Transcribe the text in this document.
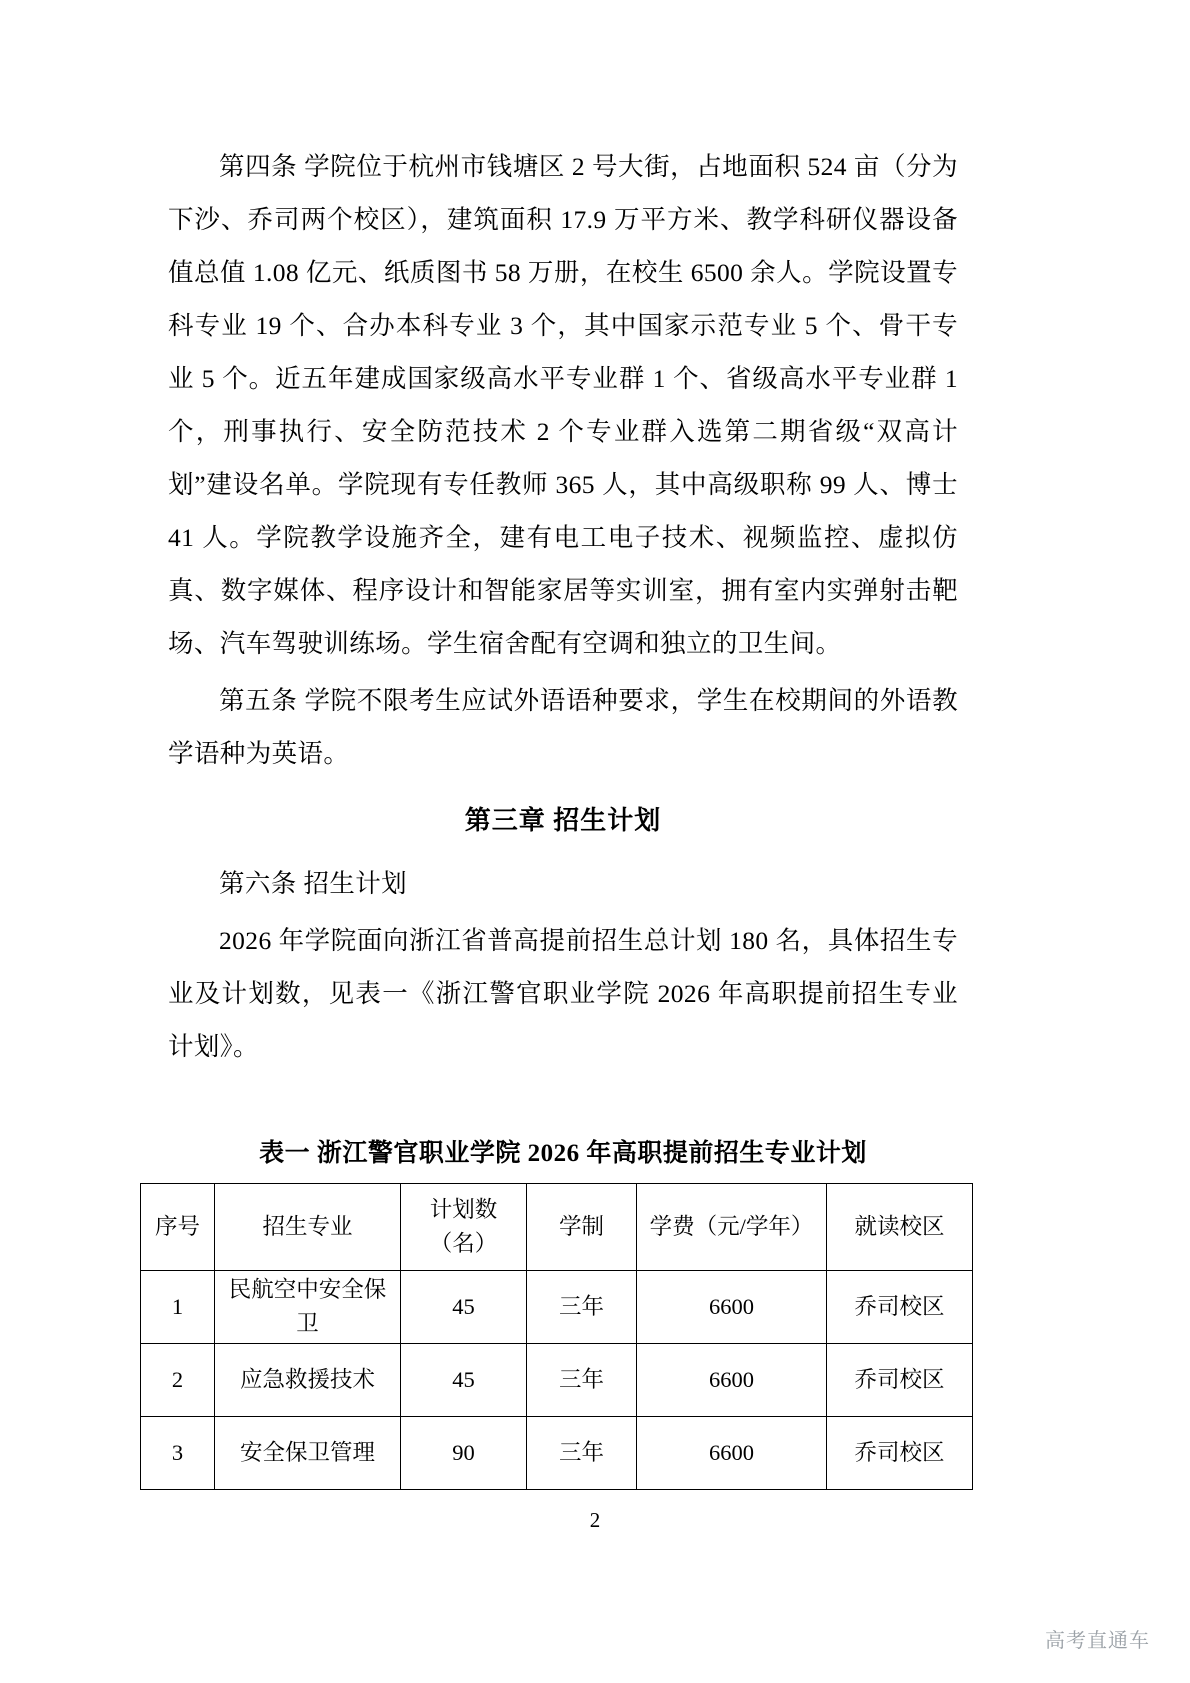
第四条 学院位于杭州市钱塘区 2 号大街，占地面积 524 亩（分为下沙、乔司两个校区），建筑面积 17.9 万平方米、教学科研仪器设备值总值 1.08 亿元、纸质图书 58 万册，在校生 6500 余人。学院设置专科专业 19 个、合办本科专业 3 个，其中国家示范专业 5 个、骨干专业 5 个。近五年建成国家级高水平专业群 1 个、省级高水平专业群 1 个，刑事执行、安全防范技术 2 个专业群入选第二期省级“双高计划”建设名单。学院现有专任教师 365 人，其中高级职称 99 人、博士 41 人。学院教学设施齐全，建有电工电子技术、视频监控、虚拟仿真、数字媒体、程序设计和智能家居等实训室，拥有室内实弹射击靶场、汽车驾驶训练场。学生宿舍配有空调和独立的卫生间。

第五条 学院不限考生应试外语语种要求，学生在校期间的外语教学语种为英语。

第三章 招生计划

第六条 招生计划

2026 年学院面向浙江省普高提前招生总计划 180 名，具体招生专业及计划数，见表一《浙江警官职业学院 2026 年高职提前招生专业计划》。

表一 浙江警官职业学院 2026 年高职提前招生专业计划
序号	招生专业	计划数（名）	学制	学费（元/学年）	就读校区
1	民航空中安全保卫	45	三年	6600	乔司校区
2	应急救援技术	45	三年	6600	乔司校区
3	安全保卫管理	90	三年	6600	乔司校区
2
高考直通车
